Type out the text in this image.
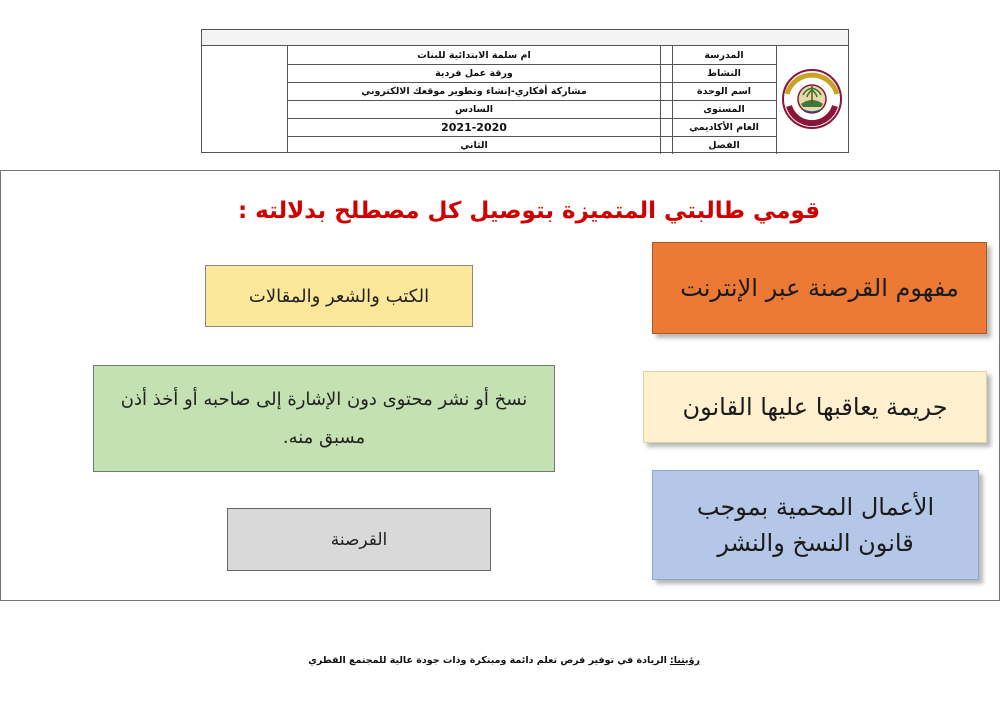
ام سلمة الابتدائية للبنات	المدرسة
ورقة عمل فردية	النشاط
مشاركة أفكاري-إنشاء وتطوير موقعك الالكتروني	اسم الوحدة
السادس	المستوى
2021-2020	العام الأكاديمي
الثاني	الفصل
قومي طالبتي المتميزة بتوصيل كل مصطلح بدلالته :
مفهوم القرصنة عبر الإنترنت
جريمة يعاقبها عليها القانون
الأعمال المحمية بموجب قانون النسخ والنشر
الكتب والشعر والمقالات
نسخ أو نشر محتوى دون الإشارة إلى صاحبه أو أخذ أذن مسبق منه.
القرصنة
رؤيتنا:
الريادة في توفير فرص تعلم دائمة ومبتكرة وذات جودة عالية للمجتمع القطري
